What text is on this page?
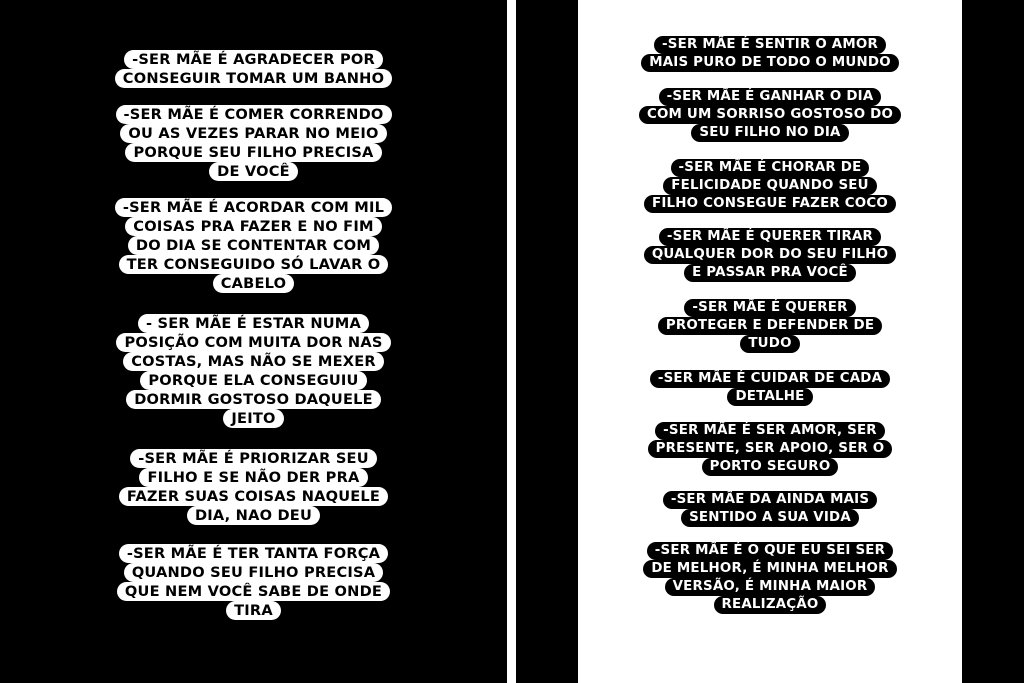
-SER MÃE É AGRADECER POR
CONSEGUIR TOMAR UM BANHO
-SER MÃE É COMER CORRENDO
OU AS VEZES PARAR NO MEIO
PORQUE SEU FILHO PRECISA
DE VOCÊ
-SER MÃE É ACORDAR COM MIL
COISAS PRA FAZER E NO FIM
DO DIA SE CONTENTAR COM
TER CONSEGUIDO SÓ LAVAR O
CABELO
- SER MÃE É ESTAR NUMA
POSIÇÃO COM MUITA DOR NAS
COSTAS, MAS NÃO SE MEXER
PORQUE ELA CONSEGUIU
DORMIR GOSTOSO DAQUELE
JEITO
-SER MÃE É PRIORIZAR SEU
FILHO E SE NÃO DER PRA
FAZER SUAS COISAS NAQUELE
DIA, NAO DEU
-SER MÃE É TER TANTA FORÇA
QUANDO SEU FILHO PRECISA
QUE NEM VOCÊ SABE DE ONDE
TIRA
-SER MÃE É SENTIR O AMOR
MAIS PURO DE TODO O MUNDO
-SER MÃE É GANHAR O DIA
COM UM SORRISO GOSTOSO DO
SEU FILHO NO DIA
-SER MÃE É CHORAR DE
FELICIDADE QUANDO SEU
FILHO CONSEGUE FAZER COCO
-SER MÃE É QUERER TIRAR
QUALQUER DOR DO SEU FILHO
E PASSAR PRA VOCÊ
-SER MÃE É QUERER
PROTEGER E DEFENDER DE
TUDO
-SER MÃE É CUIDAR DE CADA
DETALHE
-SER MÃE É SER AMOR, SER
PRESENTE, SER APOIO, SER O
PORTO SEGURO
-SER MÃE DA AINDA MAIS
SENTIDO A SUA VIDA
-SER MÃE É O QUE EU SEI SER
DE MELHOR, É MINHA MELHOR
VERSÃO, É MINHA MAIOR
REALIZAÇÃO
